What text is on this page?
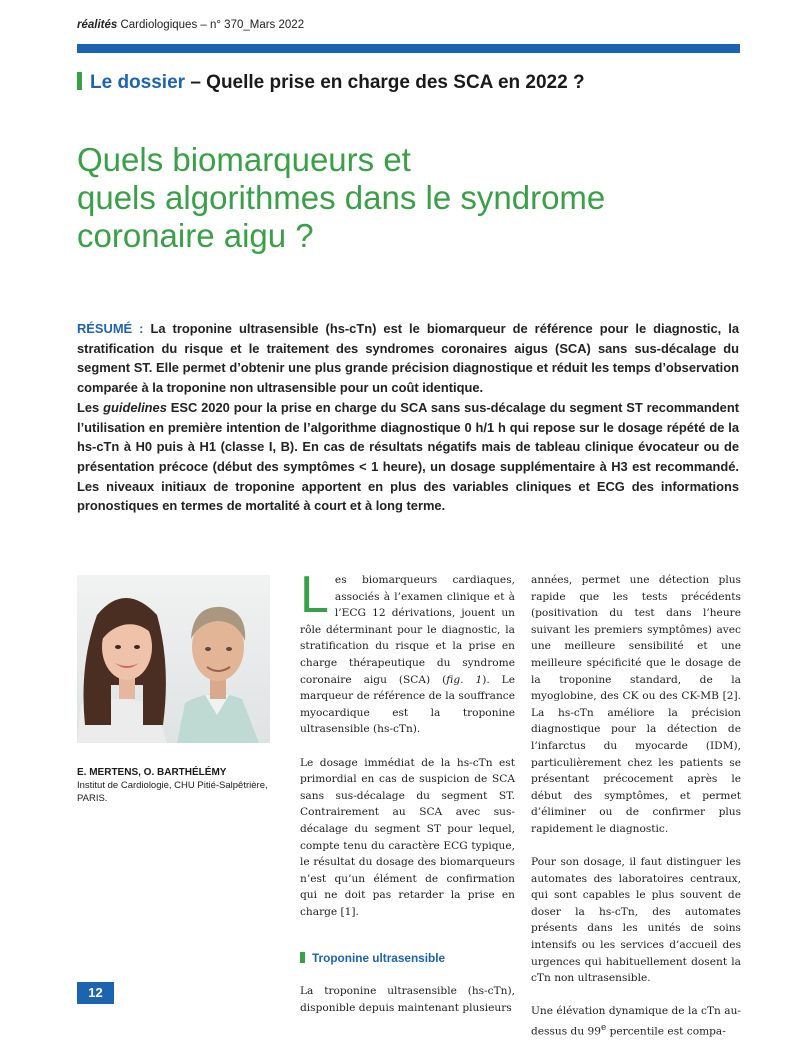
réalités Cardiologiques – n° 370_Mars 2022
Le dossier – Quelle prise en charge des SCA en 2022 ?
Quels biomarqueurs et
quels algorithmes dans le syndrome
coronaire aigu ?

RÉSUMÉ : La troponine ultrasensible (hs-cTn) est le biomarqueur de référence pour le diagnostic, la stratification du risque et le traitement des syndromes coronaires aigus (SCA) sans sus-décalage du segment ST. Elle permet d’obtenir une plus grande précision diagnostique et réduit les temps d’observation comparée à la troponine non ultrasensible pour un coût identique.

Les guidelines ESC 2020 pour la prise en charge du SCA sans sus-décalage du segment ST recommandent l’utilisation en première intention de l’algorithme diagnostique 0 h/1 h qui repose sur le dosage répété de la hs-cTn à H0 puis à H1 (classe I, B). En cas de résultats négatifs mais de tableau clinique évocateur ou de présentation précoce (début des symptômes < 1 heure), un dosage supplémentaire à H3 est recommandé. Les niveaux initiaux de troponine apportent en plus des variables cliniques et ECG des informations pronostiques en termes de mortalité à court et à long terme.

E. MERTENS, O. BARTHÉLÉMY
Institut de Cardiologie, CHU Pitié-Salpêtrière, PARIS.

Les biomarqueurs cardiaques, associés à l’examen clinique et à l’ECG 12 dérivations, jouent un rôle déterminant pour le diagnostic, la stratification du risque et la prise en charge thérapeutique du syndrome coronaire aigu (SCA) (fig. 1). Le marqueur de référence de la souffrance myocardique est la troponine ultrasensible (hs-cTn).

Le dosage immédiat de la hs-cTn est primordial en cas de suspicion de SCA sans sus-décalage du segment ST. Contrairement au SCA avec sus-décalage du segment ST pour lequel, compte tenu du caractère ECG typique, le résultat du dosage des biomarqueurs n’est qu’un élément de confirmation qui ne doit pas retarder la prise en charge [1].

Troponine ultrasensible

La troponine ultrasensible (hs-cTn), disponible depuis maintenant plusieurs

années, permet une détection plus rapide que les tests précédents (positivation du test dans l’heure suivant les premiers symptômes) avec une meilleure sensibilité et une meilleure spécificité que le dosage de la troponine standard, de la myoglobine, des CK ou des CK-MB [2]. La hs-cTn améliore la précision diagnostique pour la détection de l’infarctus du myocarde (IDM), particulièrement chez les patients se présentant précocement après le début des symptômes, et permet d’éliminer ou de confirmer plus rapidement le diagnostic.

Pour son dosage, il faut distinguer les automates des laboratoires centraux, qui sont capables le plus souvent de doser la hs-cTn, des automates présents dans les unités de soins intensifs ou les services d’accueil des urgences qui habituellement dosent la cTn non ultrasensible.

Une élévation dynamique de la cTn au-dessus du 99e percentile est compa-

12
